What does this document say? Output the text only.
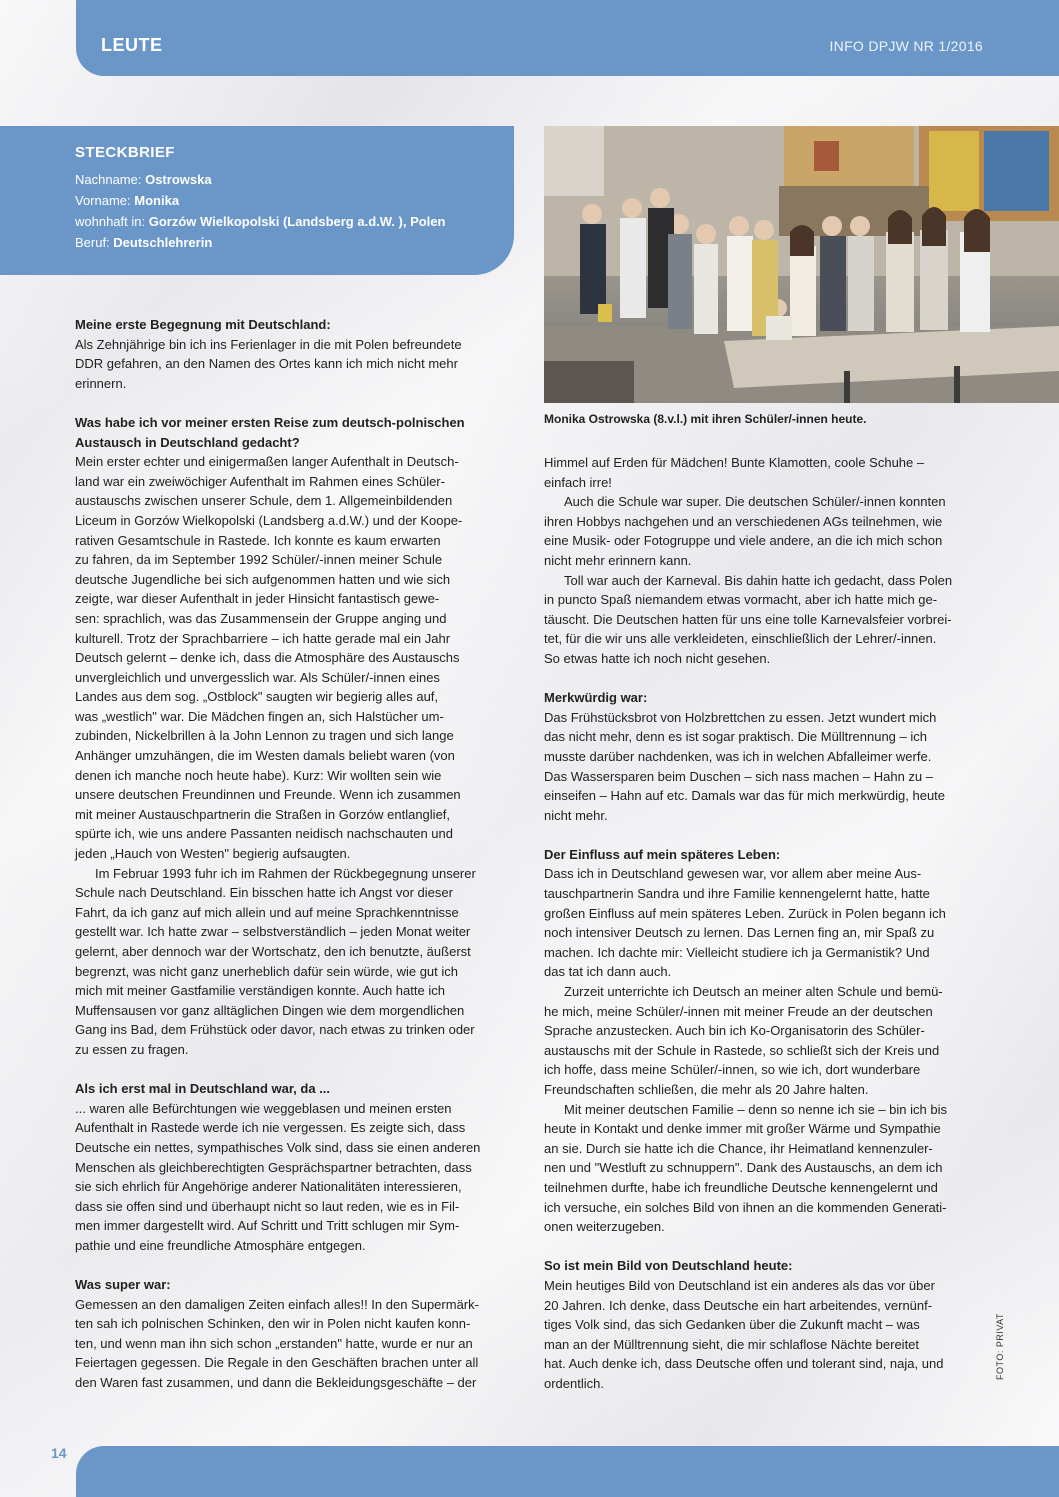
LEUTE	INFO DPJW NR 1/2016
STECKBRIEF
Nachname: Ostrowska
Vorname: Monika
wohnhaft in: Gorzów Wielkopolski (Landsberg a.d.W. ), Polen
Beruf: Deutschlehrerin
Monika Ostrowska (8.v.l.) mit ihren Schüler/-innen heute.

Meine erste Begegnung mit Deutschland:

Als Zehnjährige bin ich ins Ferienlager in die mit Polen befreundete

DDR gefahren, an den Namen des Ortes kann ich mich nicht mehr

erinnern.

Was habe ich vor meiner ersten Reise zum deutsch-polnischen

Austausch in Deutschland gedacht?

Mein erster echter und einigermaßen langer Aufenthalt in Deutsch-

land war ein zweiwöchiger Aufenthalt im Rahmen eines Schüler-

austauschs zwischen unserer Schule, dem 1. Allgemeinbildenden

Liceum in Gorzów Wielkopolski (Landsberg a.d.W.) und der Koope-

rativen Gesamtschule in Rastede. Ich konnte es kaum erwarten

zu fahren, da im September 1992 Schüler/-innen meiner Schule

deutsche Jugendliche bei sich aufgenommen hatten und wie sich

zeigte, war dieser Aufenthalt in jeder Hinsicht fantastisch gewe-

sen: sprachlich, was das Zusammensein der Gruppe anging und

kulturell. Trotz der Sprachbarriere – ich hatte gerade mal ein Jahr

Deutsch gelernt – denke ich, dass die Atmosphäre des Austauschs

unvergleichlich und unvergesslich war. Als Schüler/-innen eines

Landes aus dem sog. „Ostblock" saugten wir begierig alles auf,

was „westlich" war. Die Mädchen fingen an, sich Halstücher um-

zubinden, Nickelbrillen à la John Lennon zu tragen und sich lange

Anhänger umzuhängen, die im Westen damals beliebt waren (von

denen ich manche noch heute habe). Kurz: Wir wollten sein wie

unsere deutschen Freundinnen und Freunde. Wenn ich zusammen

mit meiner Austauschpartnerin die Straßen in Gorzów entlanglief,

spürte ich, wie uns andere Passanten neidisch nachschauten und

jeden „Hauch von Westen" begierig aufsaugten.

Im Februar 1993 fuhr ich im Rahmen der Rückbegegnung unserer

Schule nach Deutschland. Ein bisschen hatte ich Angst vor dieser

Fahrt, da ich ganz auf mich allein und auf meine Sprachkenntnisse

gestellt war. Ich hatte zwar – selbstverständlich – jeden Monat weiter

gelernt, aber dennoch war der Wortschatz, den ich benutzte, äußerst

begrenzt, was nicht ganz unerheblich dafür sein würde, wie gut ich

mich mit meiner Gastfamilie verständigen konnte. Auch hatte ich

Muffensausen vor ganz alltäglichen Dingen wie dem morgendlichen

Gang ins Bad, dem Frühstück oder davor, nach etwas zu trinken oder

zu essen zu fragen.

Als ich erst mal in Deutschland war, da ...

... waren alle Befürchtungen wie weggeblasen und meinen ersten

Aufenthalt in Rastede werde ich nie vergessen. Es zeigte sich, dass

Deutsche ein nettes, sympathisches Volk sind, dass sie einen anderen

Menschen als gleichberechtigten Gesprächspartner betrachten, dass

sie sich ehrlich für Angehörige anderer Nationalitäten interessieren,

dass sie offen sind und überhaupt nicht so laut reden, wie es in Fil-

men immer dargestellt wird. Auf Schritt und Tritt schlugen mir Sym-

pathie und eine freundliche Atmosphäre entgegen.

Was super war:

Gemessen an den damaligen Zeiten einfach alles!! In den Supermärk-

ten sah ich polnischen Schinken, den wir in Polen nicht kaufen konn-

ten, und wenn man ihn sich schon „erstanden" hatte, wurde er nur an

Feiertagen gegessen. Die Regale in den Geschäften brachen unter all

den Waren fast zusammen, und dann die Bekleidungsgeschäfte – der

Himmel auf Erden für Mädchen! Bunte Klamotten, coole Schuhe –

einfach irre!

Auch die Schule war super. Die deutschen Schüler/-innen konnten

ihren Hobbys nachgehen und an verschiedenen AGs teilnehmen, wie

eine Musik- oder Fotogruppe und viele andere, an die ich mich schon

nicht mehr erinnern kann.

Toll war auch der Karneval. Bis dahin hatte ich gedacht, dass Polen

in puncto Spaß niemandem etwas vormacht, aber ich hatte mich ge-

täuscht. Die Deutschen hatten für uns eine tolle Karnevalsfeier vorbrei-

tet, für die wir uns alle verkleideten, einschließlich der Lehrer/-innen.

So etwas hatte ich noch nicht gesehen.

Merkwürdig war:

Das Frühstücksbrot von Holzbrettchen zu essen. Jetzt wundert mich

das nicht mehr, denn es ist sogar praktisch. Die Mülltrennung – ich

musste darüber nachdenken, was ich in welchen Abfalleimer werfe.

Das Wassersparen beim Duschen – sich nass machen – Hahn zu –

einseifen – Hahn auf etc. Damals war das für mich merkwürdig, heute

nicht mehr.

Der Einfluss auf mein späteres Leben:

Dass ich in Deutschland gewesen war, vor allem aber meine Aus-

tauschpartnerin Sandra und ihre Familie kennengelernt hatte, hatte

großen Einfluss auf mein späteres Leben. Zurück in Polen begann ich

noch intensiver Deutsch zu lernen. Das Lernen fing an, mir Spaß zu

machen. Ich dachte mir: Vielleicht studiere ich ja Germanistik? Und

das tat ich dann auch.

Zurzeit unterrichte ich Deutsch an meiner alten Schule und bemü-

he mich, meine Schüler/-innen mit meiner Freude an der deutschen

Sprache anzustecken. Auch bin ich Ko-Organisatorin des Schüler-

austauschs mit der Schule in Rastede, so schließt sich der Kreis und

ich hoffe, dass meine Schüler/-innen, so wie ich, dort wunderbare

Freundschaften schließen, die mehr als 20 Jahre halten.

Mit meiner deutschen Familie – denn so nenne ich sie – bin ich bis

heute in Kontakt und denke immer mit großer Wärme und Sympathie

an sie. Durch sie hatte ich die Chance, ihr Heimatland kennenzuler-

nen und "Westluft zu schnuppern". Dank des Austauschs, an dem ich

teilnehmen durfte, habe ich freundliche Deutsche kennengelernt und

ich versuche, ein solches Bild von ihnen an die kommenden Generati-

onen weiterzugeben.

So ist mein Bild von Deutschland heute:

Mein heutiges Bild von Deutschland ist ein anderes als das vor über

20 Jahren. Ich denke, dass Deutsche ein hart arbeitendes, vernünf-

tiges Volk sind, das sich Gedanken über die Zukunft macht – was

man an der Mülltrennung sieht, die mir schlaflose Nächte bereitet

hat. Auch denke ich, dass Deutsche offen und tolerant sind, naja, und

ordentlich.

FOTO: PRIVAT
14
